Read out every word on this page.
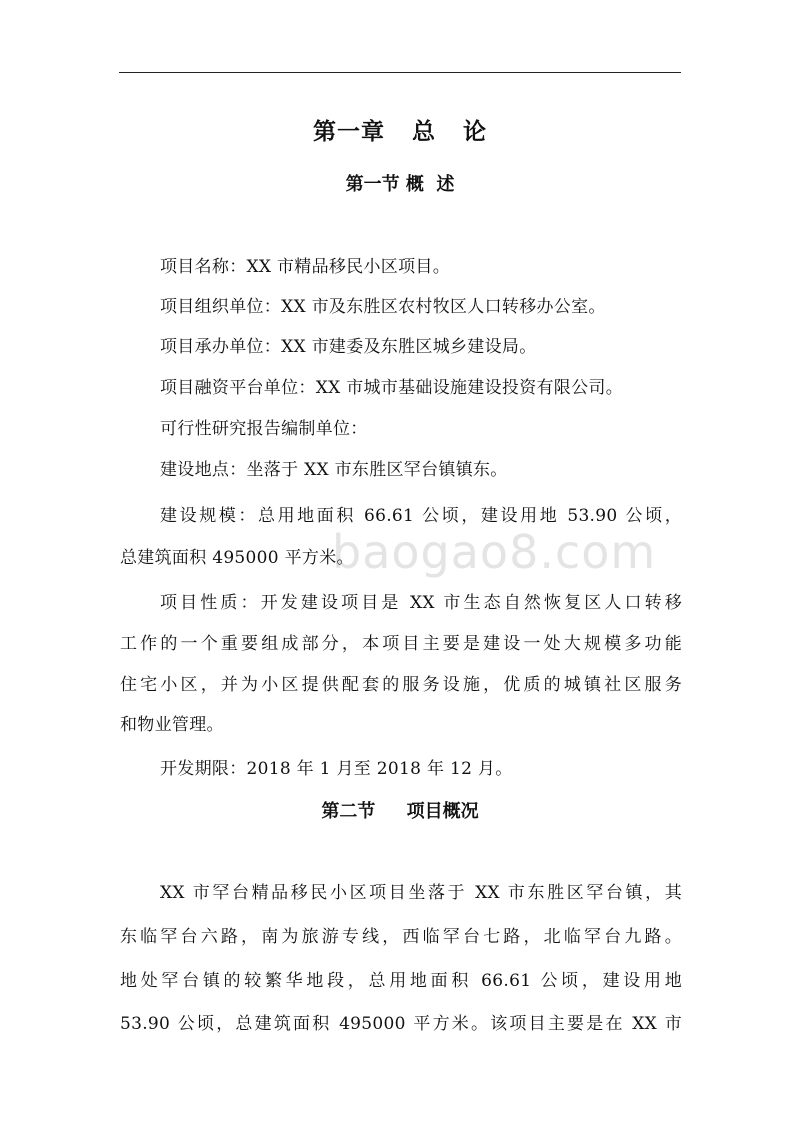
baogao8.com
第一章   总   论
第一节 概  述
项目名称：XX 市精品移民小区项目。
项目组织单位：XX 市及东胜区农村牧区人口转移办公室。
项目承办单位：XX 市建委及东胜区城乡建设局。
项目融资平台单位：XX 市城市基础设施建设投资有限公司。
可行性研究报告编制单位：
建设地点：坐落于 XX 市东胜区罕台镇镇东。
建设规模：总用地面积 66.61 公顷，建设用地 53.90 公顷，
总建筑面积 495000 平方米。
项目性质：开发建设项目是 XX 市生态自然恢复区人口转移
工作的一个重要组成部分，本项目主要是建设一处大规模多功能
住宅小区，并为小区提供配套的服务设施，优质的城镇社区服务
和物业管理。
开发期限：2018 年 1 月至 2018 年 12 月。
第二节     项目概况
XX 市罕台精品移民小区项目坐落于 XX 市东胜区罕台镇，其
东临罕台六路，南为旅游专线，西临罕台七路，北临罕台九路。
地处罕台镇的较繁华地段，总用地面积 66.61 公顷，建设用地
53.90 公顷，总建筑面积 495000 平方米。该项目主要是在 XX 市
